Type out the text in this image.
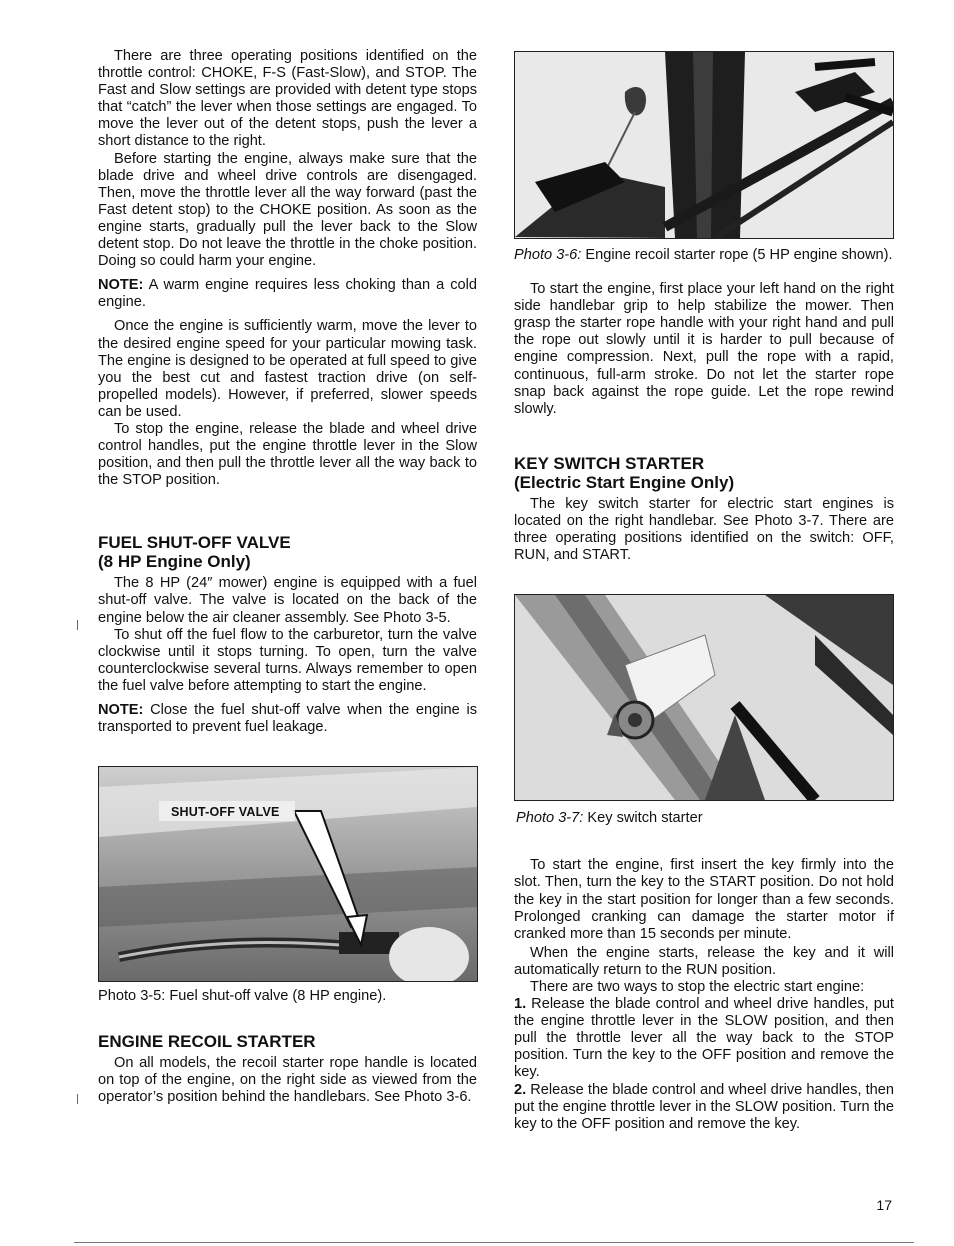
There are three operating positions identified on the throttle control: CHOKE, F-S (Fast-Slow), and STOP. The Fast and Slow settings are provided with detent type stops that “catch” the lever when those settings are engaged. To move the lever out of the detent stops, push the lever a short distance to the right.

Before starting the engine, always make sure that the blade drive and wheel drive controls are disengaged. Then, move the throttle lever all the way forward (past the Fast detent stop) to the CHOKE position. As soon as the engine starts, gradually pull the lever back to the Slow detent stop. Do not leave the throttle in the choke position. Doing so could harm your engine.

NOTE: A warm engine requires less choking than a cold engine.

Once the engine is sufficiently warm, move the lever to the desired engine speed for your particular mowing task. The engine is designed to be operated at full speed to give you the best cut and fastest traction drive (on self-propelled models). However, if preferred, slower speeds can be used.

To stop the engine, release the blade and wheel drive control handles, put the engine throttle lever in the Slow position, and then pull the throttle lever all the way back to the STOP position.

FUEL SHUT-OFF VALVE
(8 HP Engine Only)

The 8 HP (24″ mower) engine is equipped with a fuel shut-off valve. The valve is located on the back of the engine below the air cleaner assembly. See Photo 3-5.

To shut off the fuel flow to the carburetor, turn the valve clockwise until it stops turning. To open, turn the valve counterclockwise several turns. Always remember to open the fuel valve before attempting to start the engine.

NOTE: Close the fuel shut-off valve when the engine is transported to prevent fuel leakage.

SHUT-OFF VALVE

Photo 3-5: Fuel shut-off valve (8 HP engine).

ENGINE RECOIL STARTER

On all models, the recoil starter rope handle is located on top of the engine, on the right side as viewed from the operator’s position behind the handlebars. See Photo 3-6.

Photo 3-6: Engine recoil starter rope (5 HP engine shown).

To start the engine, first place your left hand on the right side handlebar grip to help stabilize the mower. Then grasp the starter rope handle with your right hand and pull the rope out slowly until it is harder to pull because of engine compression. Next, pull the rope with a rapid, continuous, full-arm stroke. Do not let the starter rope snap back against the rope guide. Let the rope rewind slowly.

KEY SWITCH STARTER
(Electric Start Engine Only)

The key switch starter for electric start engines is located on the right handlebar. See Photo 3-7. There are three operating positions identified on the switch: OFF, RUN, and START.

Photo 3-7: Key switch starter

To start the engine, first insert the key firmly into the slot. Then, turn the key to the START position. Do not hold the key in the start position for longer than a few seconds. Prolonged cranking can damage the starter motor if cranked more than 15 seconds per minute.

When the engine starts, release the key and it will automatically return to the RUN position.

There are two ways to stop the electric start engine:

1. Release the blade control and wheel drive handles, put the engine throttle lever in the SLOW position, and then pull the throttle lever all the way back to the STOP position. Turn the key to the OFF position and remove the key.

2. Release the blade control and wheel drive handles, then put the engine throttle lever in the SLOW position. Turn the key to the OFF position and remove the key.

17
